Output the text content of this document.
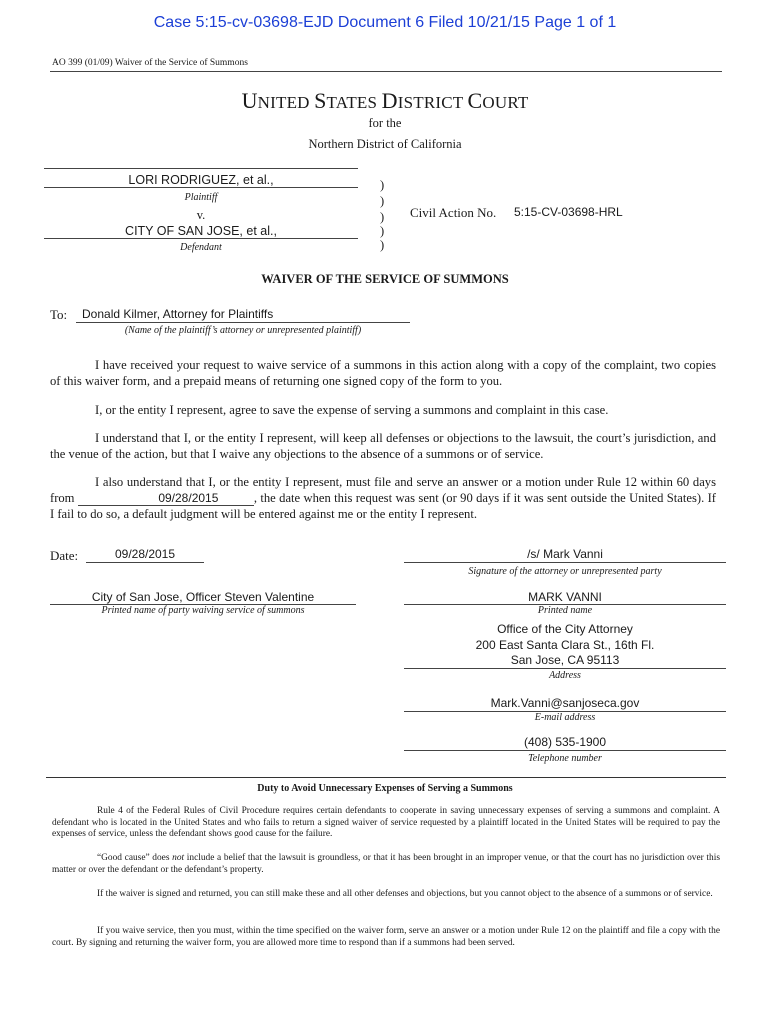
Case 5:15-cv-03698-EJD Document 6 Filed 10/21/15 Page 1 of 1
AO 399 (01/09) Waiver of the Service of Summons
UNITED STATES DISTRICT COURT
for the
Northern District of California
LORI RODRIGUEZ, et al.,
Plaintiff
v.
CITY OF SAN JOSE, et al.,
Defendant
)
)
)
)
)
Civil Action No. 5:15-CV-03698-HRL
WAIVER OF THE SERVICE OF SUMMONS
To: Donald Kilmer, Attorney for Plaintiffs
(Name of the plaintiff’s attorney or unrepresented plaintiff)
I have received your request to waive service of a summons in this action along with a copy of the complaint, two copies of this waiver form, and a prepaid means of returning one signed copy of the form to you.
I, or the entity I represent, agree to save the expense of serving a summons and complaint in this case.
I understand that I, or the entity I represent, will keep all defenses or objections to the lawsuit, the court’s jurisdiction, and the venue of the action, but that I waive any objections to the absence of a summons or of service.
I also understand that I, or the entity I represent, must file and serve an answer or a motion under Rule 12 within 60 days from	09/28/2015	, the date when this request was sent (or 90 days if it was sent outside the United States). If I fail to do so, a default judgment will be entered against me or the entity I represent.
Date:	09/28/2015	/s/ Mark Vanni
Signature of the attorney or unrepresented party
City of San Jose, Officer Steven Valentine
Printed name of party waiving service of summons
MARK VANNI
Printed name
Office of the City Attorney
200 East Santa Clara St., 16th Fl.
San Jose, CA 95113
Address
Mark.Vanni@sanjoseca.gov
E-mail address
(408) 535-1900
Telephone number
Duty to Avoid Unnecessary Expenses of Serving a Summons
Rule 4 of the Federal Rules of Civil Procedure requires certain defendants to cooperate in saving unnecessary expenses of serving a summons and complaint. A defendant who is located in the United States and who fails to return a signed waiver of service requested by a plaintiff located in the United States will be required to pay the expenses of service, unless the defendant shows good cause for the failure.
“Good cause” does not include a belief that the lawsuit is groundless, or that it has been brought in an improper venue, or that the court has no jurisdiction over this matter or over the defendant or the defendant’s property.
If the waiver is signed and returned, you can still make these and all other defenses and objections, but you cannot object to the absence of a summons or of service.
If you waive service, then you must, within the time specified on the waiver form, serve an answer or a motion under Rule 12 on the plaintiff and file a copy with the court. By signing and returning the waiver form, you are allowed more time to respond than if a summons had been served.
